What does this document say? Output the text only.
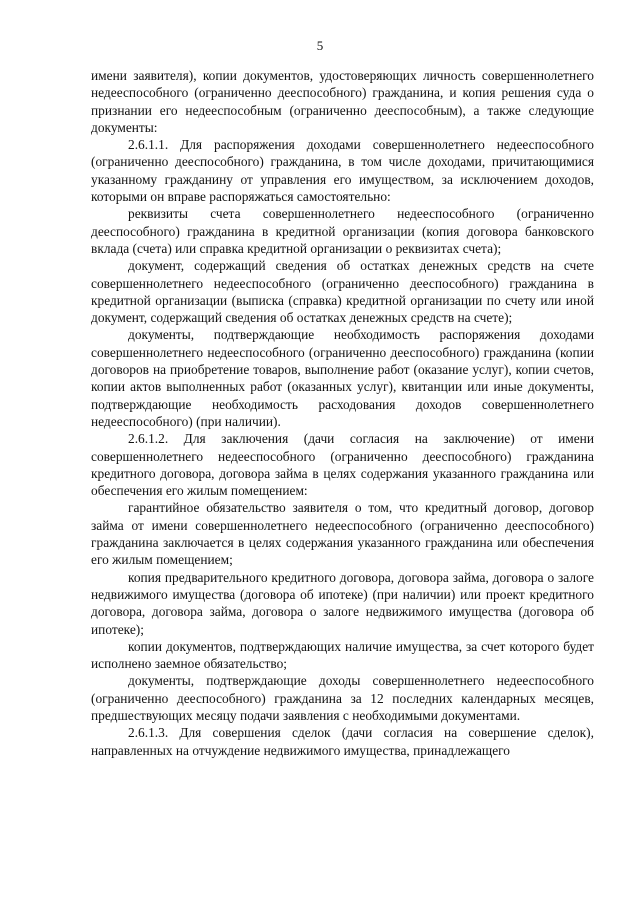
5

имени заявителя), копии документов, удостоверяющих личность совершеннолетнего недееспособного (ограниченно дееспособного) гражданина, и копия решения суда о признании его недееспособным (ограниченно дееспособным), а также следующие документы:

2.6.1.1. Для распоряжения доходами совершеннолетнего недееспособного (ограниченно дееспособного) гражданина, в том числе доходами, причитающимися указанному гражданину от управления его имуществом, за исключением доходов, которыми он вправе распоряжаться самостоятельно:

реквизиты счета совершеннолетнего недееспособного (ограниченно дееспособного) гражданина в кредитной организации (копия договора банковского вклада (счета) или справка кредитной организации о реквизитах счета);

документ, содержащий сведения об остатках денежных средств на счете совершеннолетнего недееспособного (ограниченно дееспособного) гражданина в кредитной организации (выписка (справка) кредитной организации по счету или иной документ, содержащий сведения об остатках денежных средств на счете);

документы, подтверждающие необходимость распоряжения доходами совершеннолетнего недееспособного (ограниченно дееспособного) гражданина (копии договоров на приобретение товаров, выполнение работ (оказание услуг), копии счетов, копии актов выполненных работ (оказанных услуг), квитанции или иные документы, подтверждающие необходимость расходования доходов совершеннолетнего недееспособного) (при наличии).

2.6.1.2. Для заключения (дачи согласия на заключение) от имени совершеннолетнего недееспособного (ограниченно дееспособного) гражданина кредитного договора, договора займа в целях содержания указанного гражданина или обеспечения его жилым помещением:

гарантийное обязательство заявителя о том, что кредитный договор, договор займа от имени совершеннолетнего недееспособного (ограниченно дееспособного) гражданина заключается в целях содержания указанного гражданина или обеспечения его жилым помещением;

копия предварительного кредитного договора, договора займа, договора о залоге недвижимого имущества (договора об ипотеке) (при наличии) или проект кредитного договора, договора займа, договора о залоге недвижимого имущества (договора об ипотеке);

копии документов, подтверждающих наличие имущества, за счет которого будет исполнено заемное обязательство;

документы, подтверждающие доходы совершеннолетнего недееспособного (ограниченно дееспособного) гражданина за 12 последних календарных месяцев, предшествующих месяцу подачи заявления с необходимыми документами.

2.6.1.3. Для совершения сделок (дачи согласия на совершение сделок), направленных на отчуждение недвижимого имущества, принадлежащего
